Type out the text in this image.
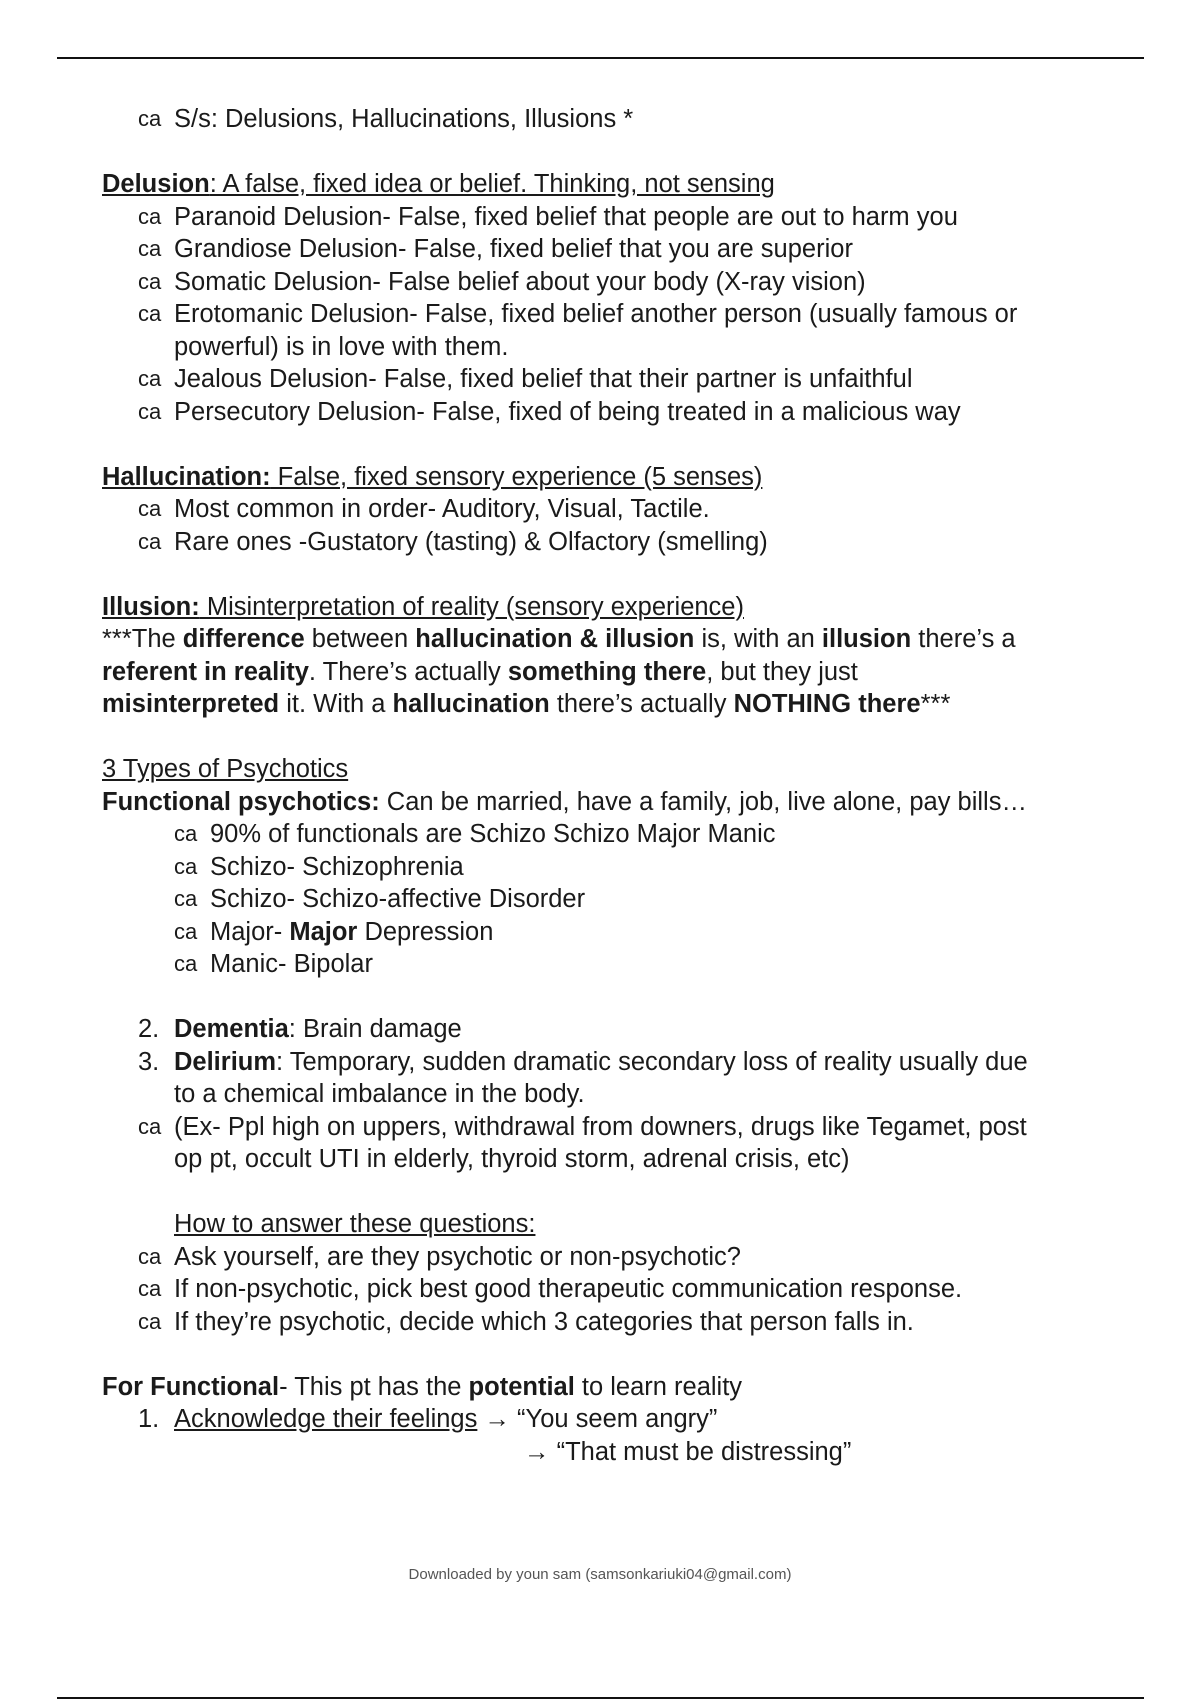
ca S/s: Delusions, Hallucinations, Illusions *
Delusion: A false, fixed idea or belief. Thinking, not sensing
ca Paranoid Delusion- False, fixed belief that people are out to harm you
ca Grandiose Delusion- False, fixed belief that you are superior
ca Somatic Delusion- False belief about your body (X-ray vision)
ca Erotomanic Delusion- False, fixed belief another person (usually famous or
powerful) is in love with them.
ca Jealous Delusion- False, fixed belief that their partner is unfaithful
ca Persecutory Delusion- False, fixed of being treated in a malicious way
Hallucination: False, fixed sensory experience (5 senses)
ca Most common in order- Auditory, Visual, Tactile.
ca Rare ones -Gustatory (tasting) & Olfactory (smelling)
Illusion: Misinterpretation of reality (sensory experience)
***The difference between hallucination & illusion is, with an illusion there’s a
referent in reality. There’s actually something there, but they just
misinterpreted it. With a hallucination there’s actually NOTHING there***
3 Types of Psychotics
Functional psychotics: Can be married, have a family, job, live alone, pay bills…
ca 90% of functionals are Schizo Schizo Major Manic
ca Schizo- Schizophrenia
ca Schizo- Schizo-affective Disorder
ca Major- Major Depression
ca Manic- Bipolar
2. Dementia: Brain damage
3. Delirium: Temporary, sudden dramatic secondary loss of reality usually due
to a chemical imbalance in the body.
ca (Ex- Ppl high on uppers, withdrawal from downers, drugs like Tegamet, post
op pt, occult UTI in elderly, thyroid storm, adrenal crisis, etc)
How to answer these questions:
ca Ask yourself, are they psychotic or non-psychotic?
ca If non-psychotic, pick best good therapeutic communication response.
ca If they’re psychotic, decide which 3 categories that person falls in.
For Functional- This pt has the potential to learn reality
1. Acknowledge their feelings → “You seem angry”
→ “That must be distressing”
Downloaded by youn sam (samsonkariuki04@gmail.com)
